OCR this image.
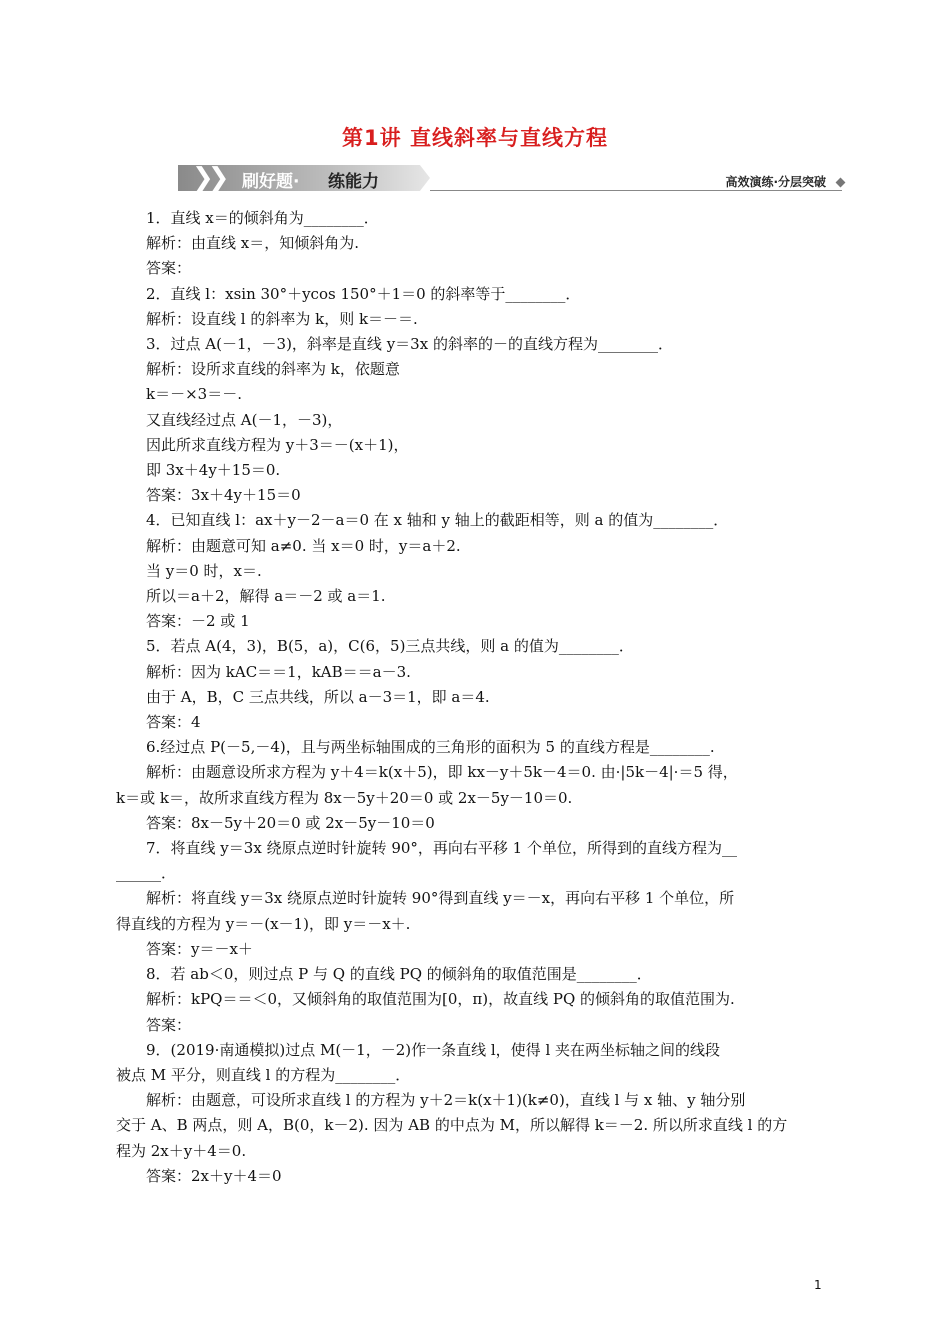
第1讲 直线斜率与直线方程
❯❯ 刷好题· 练能力	高效演练·分层突破

1．直线 x＝的倾斜角为________．

解析：由直线 x＝，知倾斜角为.

答案：

2．直线 l：xsin 30°＋ycos 150°＋1＝0 的斜率等于________．

解析：设直线 l 的斜率为 k，则 k＝－＝.

3．过点 A(－1，－3)，斜率是直线 y＝3x 的斜率的－的直线方程为________．

解析：设所求直线的斜率为 k，依题意

k＝－×3＝－.

又直线经过点 A(－1，－3)，

因此所求直线方程为 y＋3＝－(x＋1)，

即 3x＋4y＋15＝0.

答案：3x＋4y＋15＝0

4．已知直线 l：ax＋y－2－a＝0 在 x 轴和 y 轴上的截距相等，则 a 的值为________．

解析：由题意可知 a≠0. 当 x＝0 时，y＝a＋2.

当 y＝0 时，x＝.

所以＝a＋2，解得 a＝－2 或 a＝1.

答案：－2 或 1

5．若点 A(4，3)，B(5，a)，C(6，5)三点共线，则 a 的值为________．

解析：因为 kAC＝＝1，kAB＝＝a－3.

由于 A，B，C 三点共线，所以 a－3＝1，即 a＝4.

答案：4

6.经过点 P(－5,－4)，且与两坐标轴围成的三角形的面积为 5 的直线方程是________.

解析：由题意设所求方程为 y＋4＝k(x＋5)，即 kx－y＋5k－4＝0. 由·|5k－4|·＝5 得，

k＝或 k＝，故所求直线方程为 8x－5y＋20＝0 或 2x－5y－10＝0.

答案：8x－5y＋20＝0 或 2x－5y－10＝0

7．将直线 y＝3x 绕原点逆时针旋转 90°，再向右平移 1 个单位，所得到的直线方程为__

______．

解析：将直线 y＝3x 绕原点逆时针旋转 90°得到直线 y＝－x，再向右平移 1 个单位，所

得直线的方程为 y＝－(x－1)，即 y＝－x＋.

答案：y＝－x＋

8．若 ab＜0，则过点 P 与 Q 的直线 PQ 的倾斜角的取值范围是________．

解析：kPQ＝＝＜0，又倾斜角的取值范围为[0，π)，故直线 PQ 的倾斜角的取值范围为.

答案：

9．(2019·南通模拟)过点 M(－1，－2)作一条直线 l，使得 l 夹在两坐标轴之间的线段

被点 M 平分，则直线 l 的方程为________．

解析：由题意，可设所求直线 l 的方程为 y＋2＝k(x＋1)(k≠0)，直线 l 与 x 轴、y 轴分别

交于 A、B 两点，则 A，B(0，k－2). 因为 AB 的中点为 M，所以解得 k＝－2. 所以所求直线 l 的方

程为 2x＋y＋4＝0.

答案：2x＋y＋4＝0

1
